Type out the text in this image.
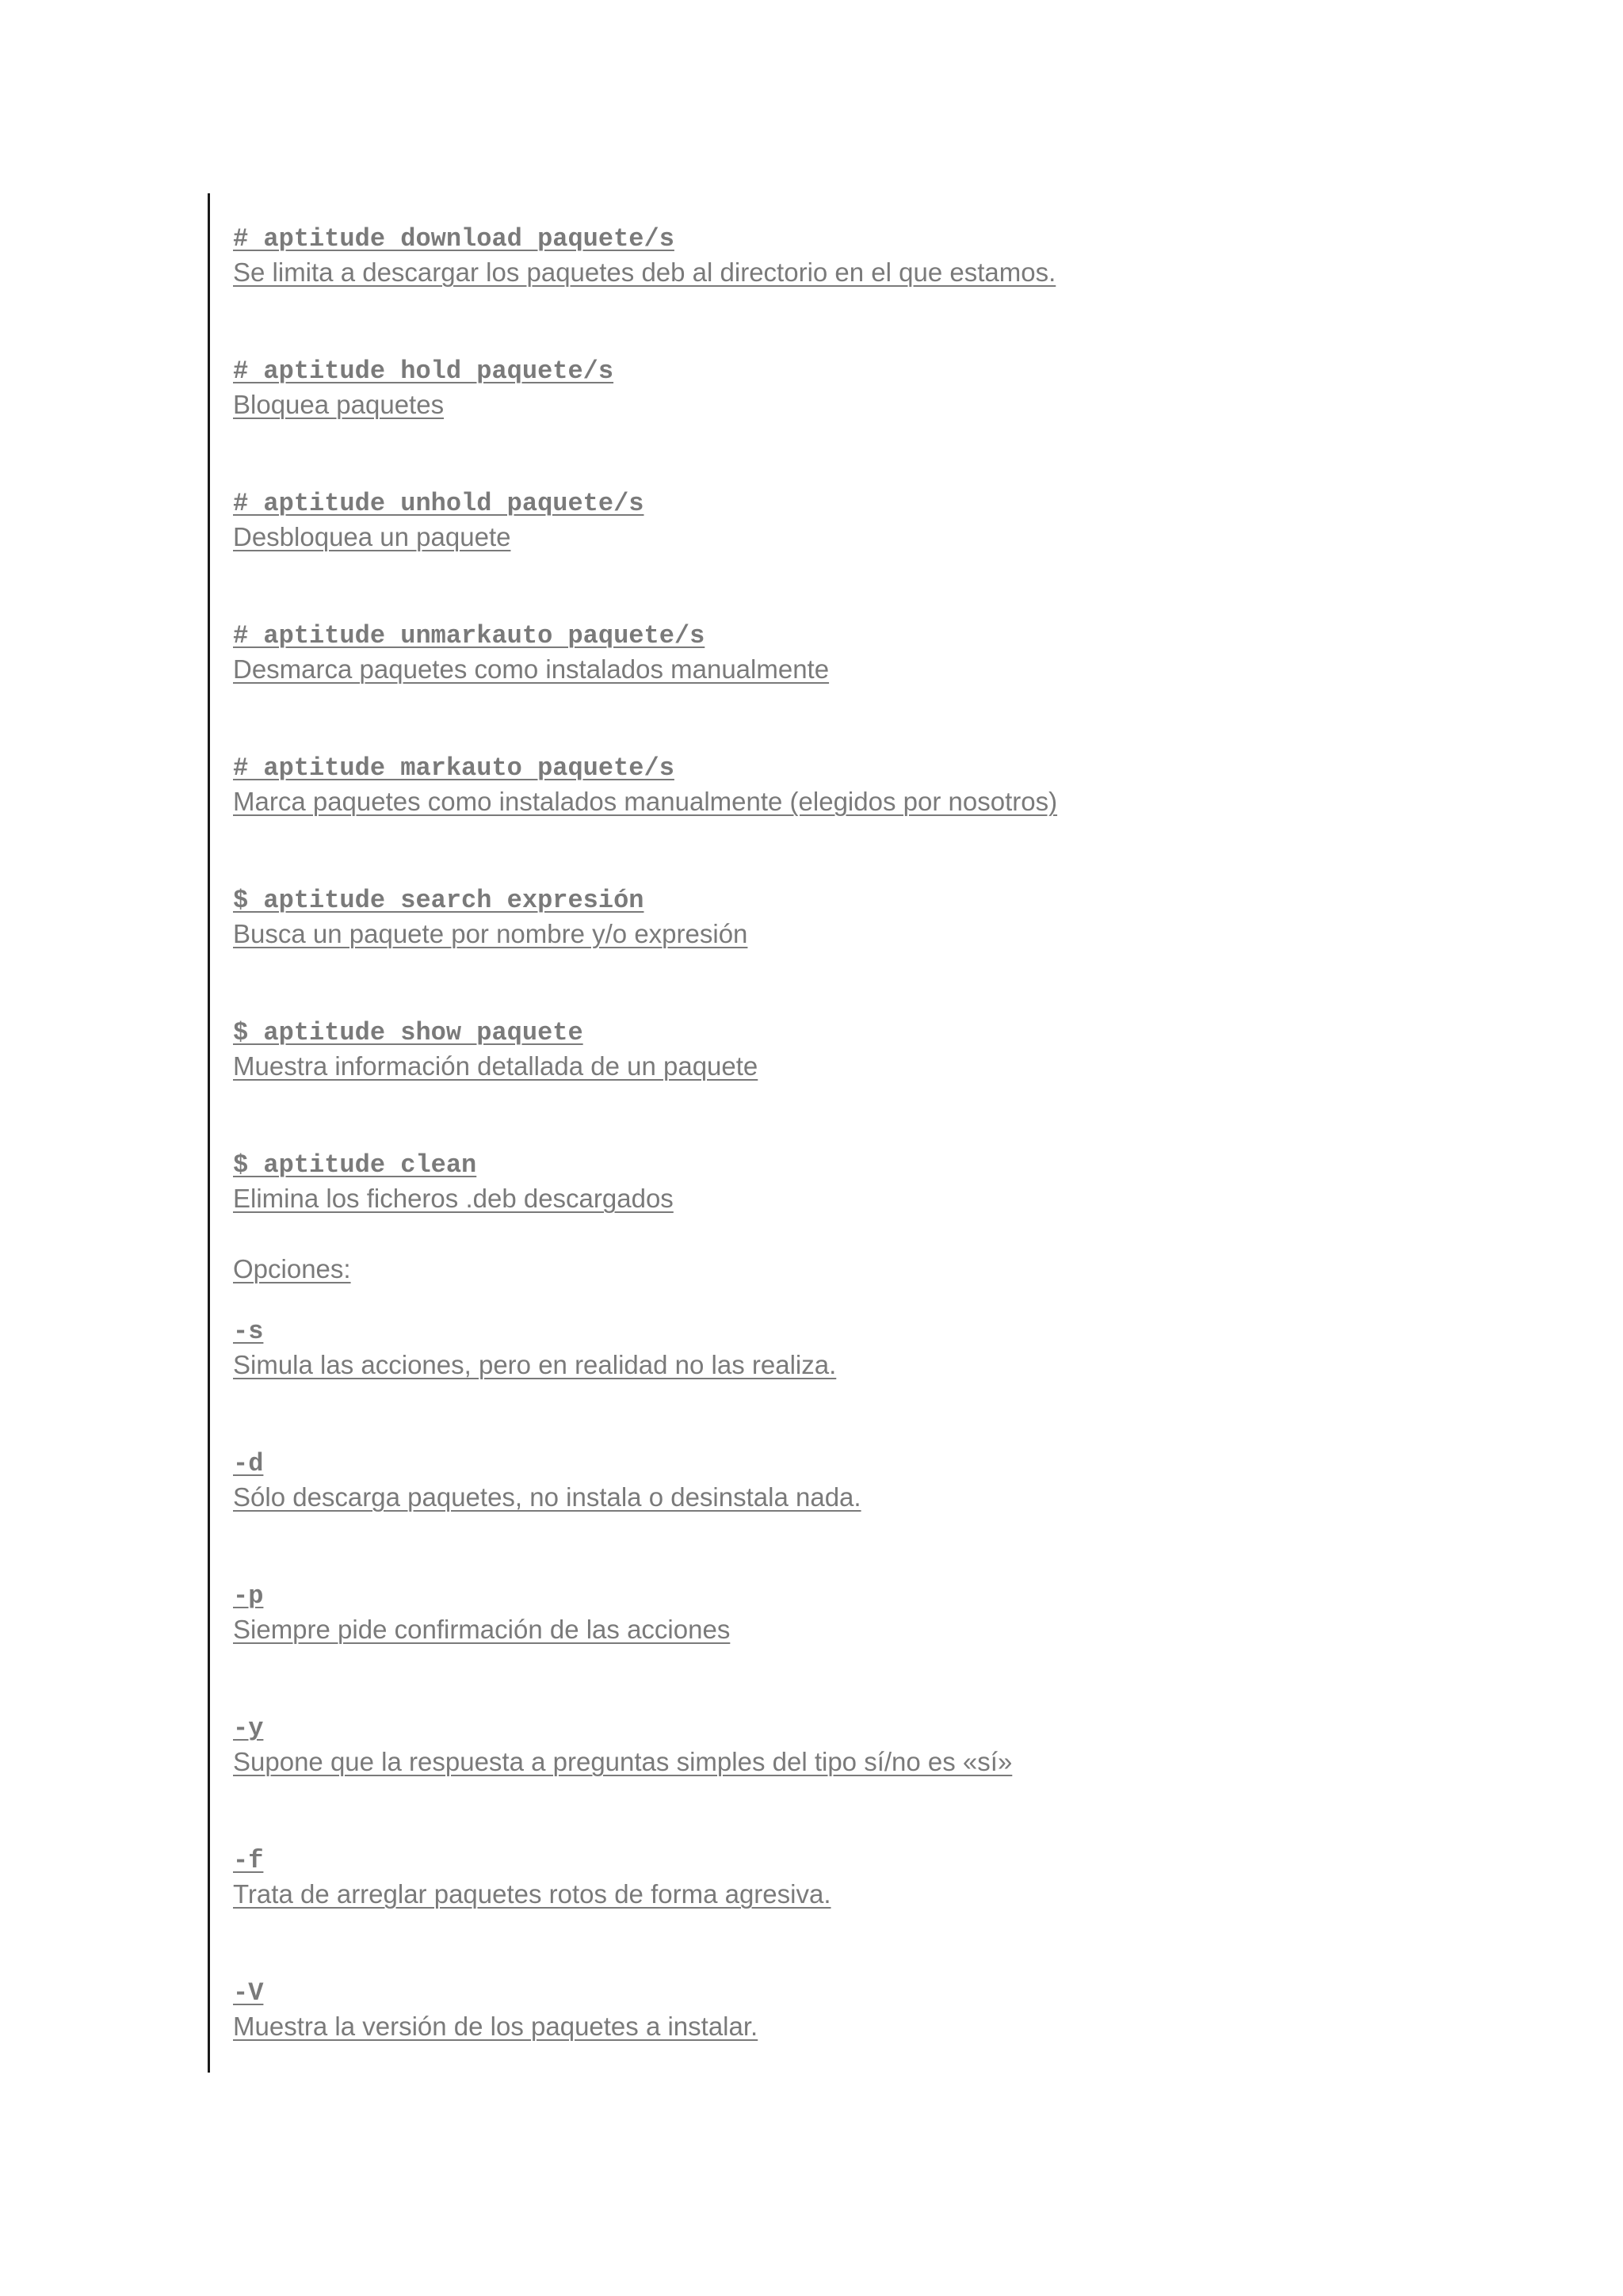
# aptitude download paquete/s

Se limita a descargar los paquetes deb al directorio en el que estamos.

# aptitude hold paquete/s

Bloquea paquetes

# aptitude unhold paquete/s

Desbloquea un paquete

# aptitude unmarkauto paquete/s

Desmarca paquetes como instalados manualmente

# aptitude markauto paquete/s

Marca paquetes como instalados manualmente (elegidos por nosotros)

$ aptitude search expresión

Busca un paquete por nombre y/o expresión

$ aptitude show paquete

Muestra información detallada de un paquete

$ aptitude clean

Elimina los ficheros .deb descargados

Opciones:

-s

Simula las acciones, pero en realidad no las realiza.

-d

Sólo descarga paquetes, no instala o desinstala nada.

-p

Siempre pide confirmación de las acciones

-y

Supone que la respuesta a preguntas simples del tipo sí/no es «sí»

-f

Trata de arreglar paquetes rotos de forma agresiva.

-V

Muestra la versión de los paquetes a instalar.
